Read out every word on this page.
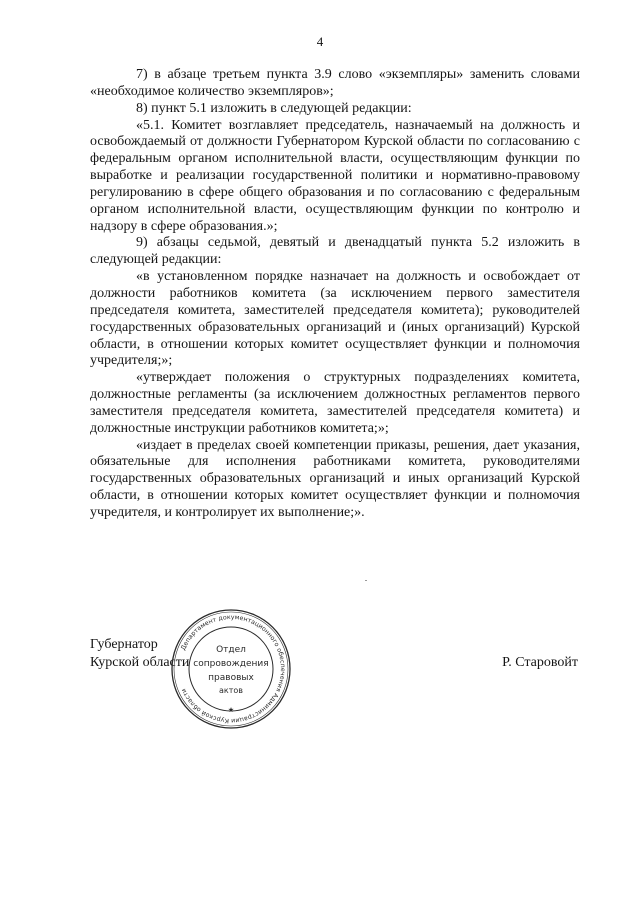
4

7) в абзаце третьем пункта 3.9 слово «экземпляры» заменить словами «необходимое количество экземпляров»;

8) пункт 5.1 изложить в следующей редакции:

«5.1. Комитет возглавляет председатель, назначаемый на должность и освобождаемый от должности Губернатором Курской области по согласованию с федеральным органом исполнительной власти, осуществляющим функции по выработке и реализации государственной политики и нормативно-правовому регулированию в сфере общего образования и по согласованию с федеральным органом исполнительной власти, осуществляющим функции по контролю и надзору в сфере образования.»;

9) абзацы седьмой, девятый и двенадцатый пункта 5.2 изложить в следующей редакции:

«в установленном порядке назначает на должность и освобождает от должности работников комитета (за исключением первого заместителя председателя комитета, заместителей председателя комитета); руководителей государственных образовательных организаций и (иных организаций) Курской области, в отношении которых комитет осуществляет функции и полномочия учредителя;»;

«утверждает положения о структурных подразделениях комитета, должностные регламенты (за исключением должностных регламентов первого заместителя председателя комитета, заместителей председателя комитета) и должностные инструкции работников комитета;»;

«издает в пределах своей компетенции приказы, решения, дает указания, обязательные для исполнения работниками комитета, руководителями государственных образовательных организаций и иных организаций Курской области, в отношении которых комитет осуществляет функции и полномочия учредителя, и контролирует их выполнение;».

Губернатор
Курской области	Р. Старовойт
Департамент документационного обеспечения Администрации Курской области
Отдел
сопровождения
правовых
актов
★
